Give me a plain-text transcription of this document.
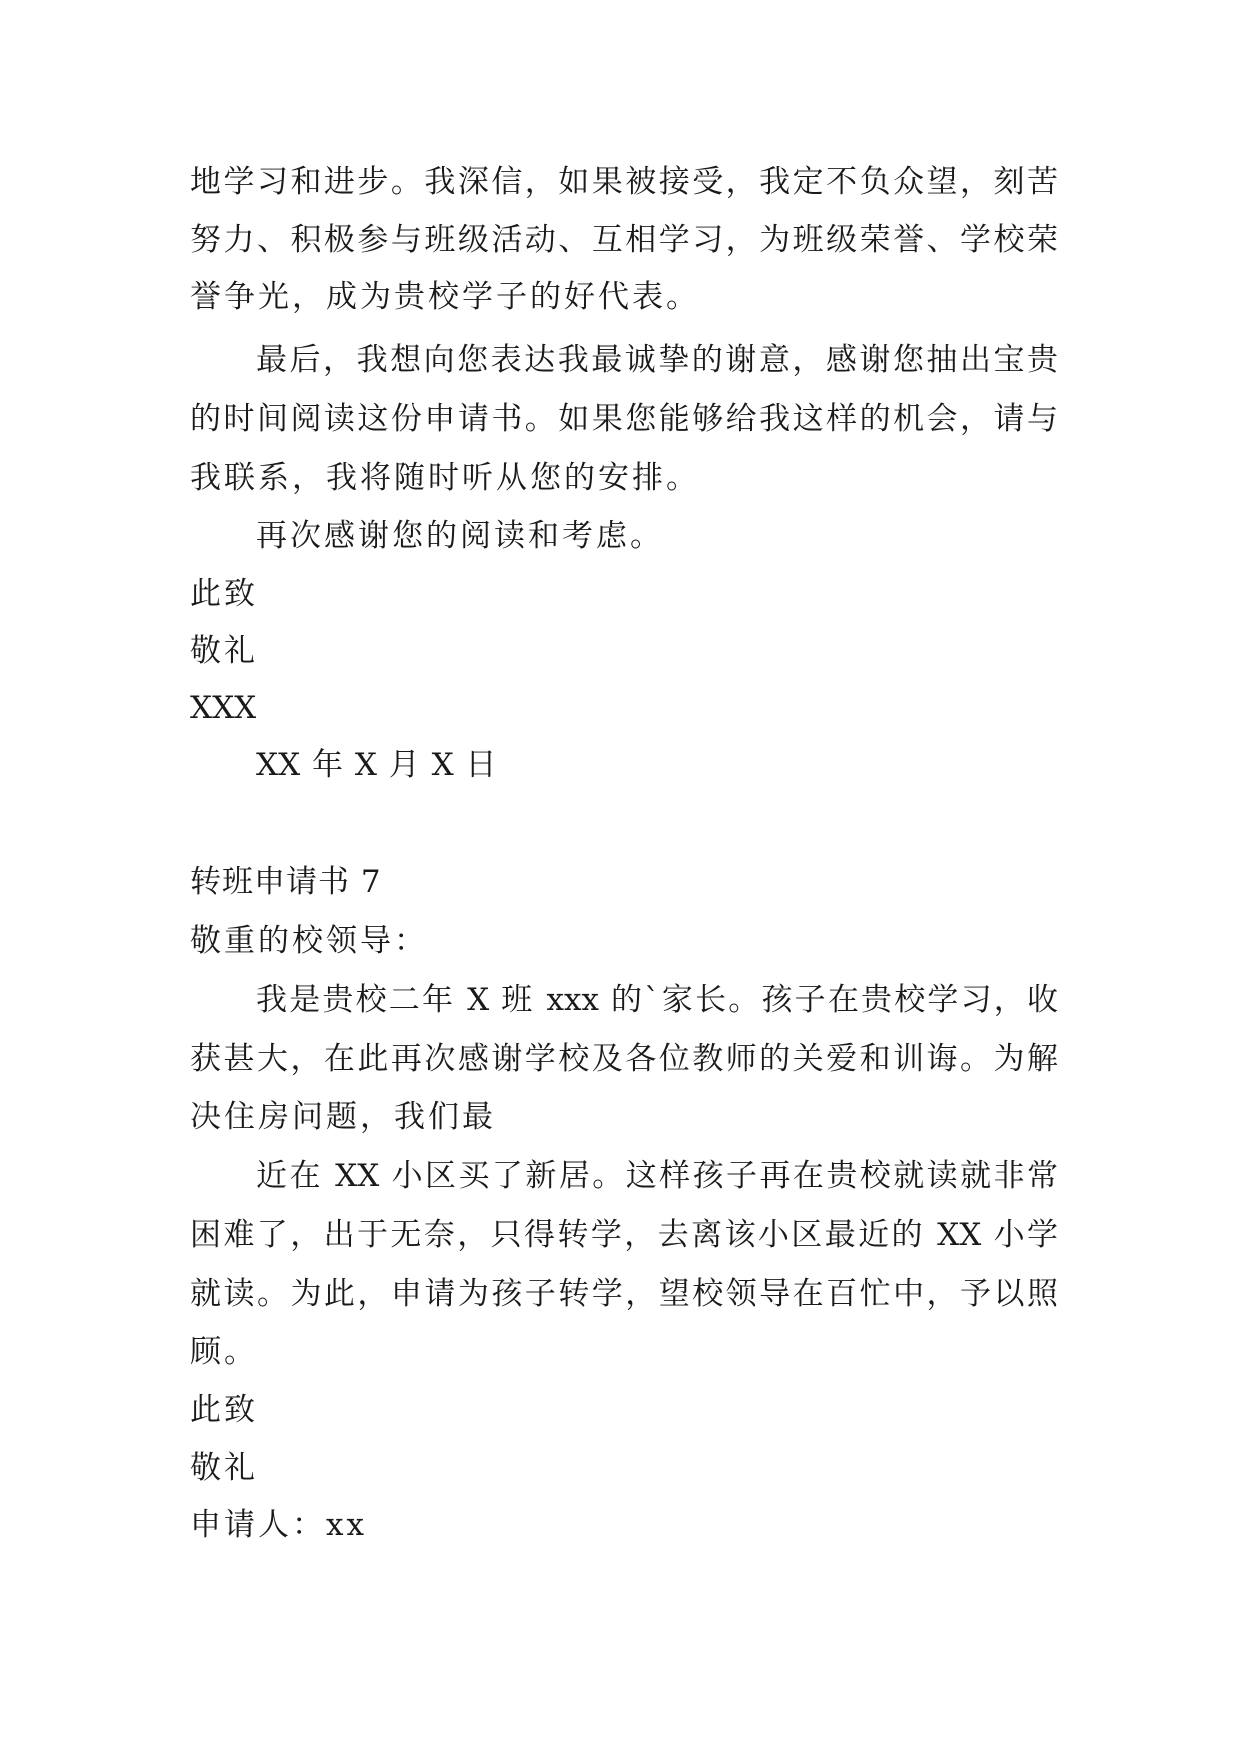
地学习和进步。我深信，如果被接受，我定不负众望，刻苦
努力、积极参与班级活动、互相学习，为班级荣誉、学校荣
誉争光，成为贵校学子的好代表。
最后，我想向您表达我最诚挚的谢意，感谢您抽出宝贵
的时间阅读这份申请书。如果您能够给我这样的机会，请与
我联系，我将随时听从您的安排。
再次感谢您的阅读和考虑。
此致
敬礼
XXX
XX 年 X 月 X 日
转班申请书 7
敬重的校领导：
我是贵校二年 X 班 xxx 的`家长。孩子在贵校学习，收
获甚大，在此再次感谢学校及各位教师的关爱和训诲。为解
决住房问题，我们最
近在 XX 小区买了新居。这样孩子再在贵校就读就非常
困难了，出于无奈，只得转学，去离该小区最近的 XX 小学
就读。为此，申请为孩子转学，望校领导在百忙中，予以照
顾。
此致
敬礼
申请人：xx
